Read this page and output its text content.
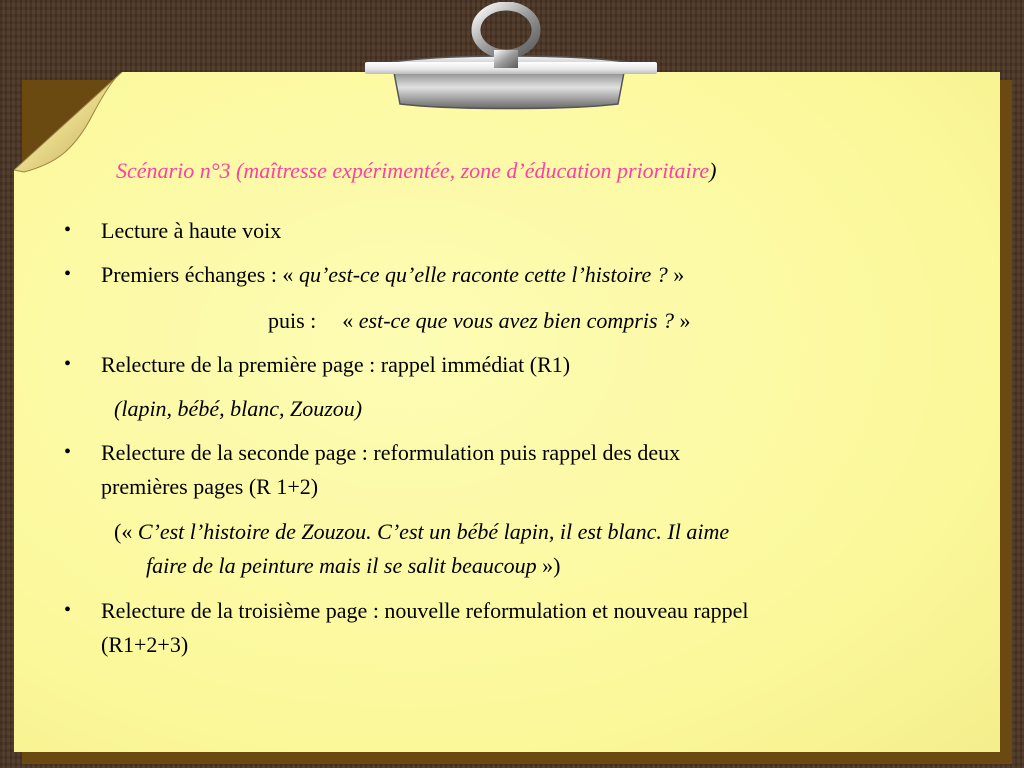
Scénario n°3 (maîtresse expérimentée, zone d’éducation prioritaire)
• Lecture à haute voix
• Premiers échanges : « qu’est-ce qu’elle raconte cette l’histoire ? »
puis : « est-ce que vous avez bien compris ? »
• Relecture de la première page : rappel immédiat (R1)
(lapin, bébé, blanc, Zouzou)
• Relecture de la seconde page : reformulation puis rappel des deux
premières pages (R 1+2)
(« C’est l’histoire de Zouzou. C’est un bébé lapin, il est blanc. Il aime
faire de la peinture mais il se salit beaucoup »)
• Relecture de la troisième page : nouvelle reformulation et nouveau rappel
(R1+2+3)
